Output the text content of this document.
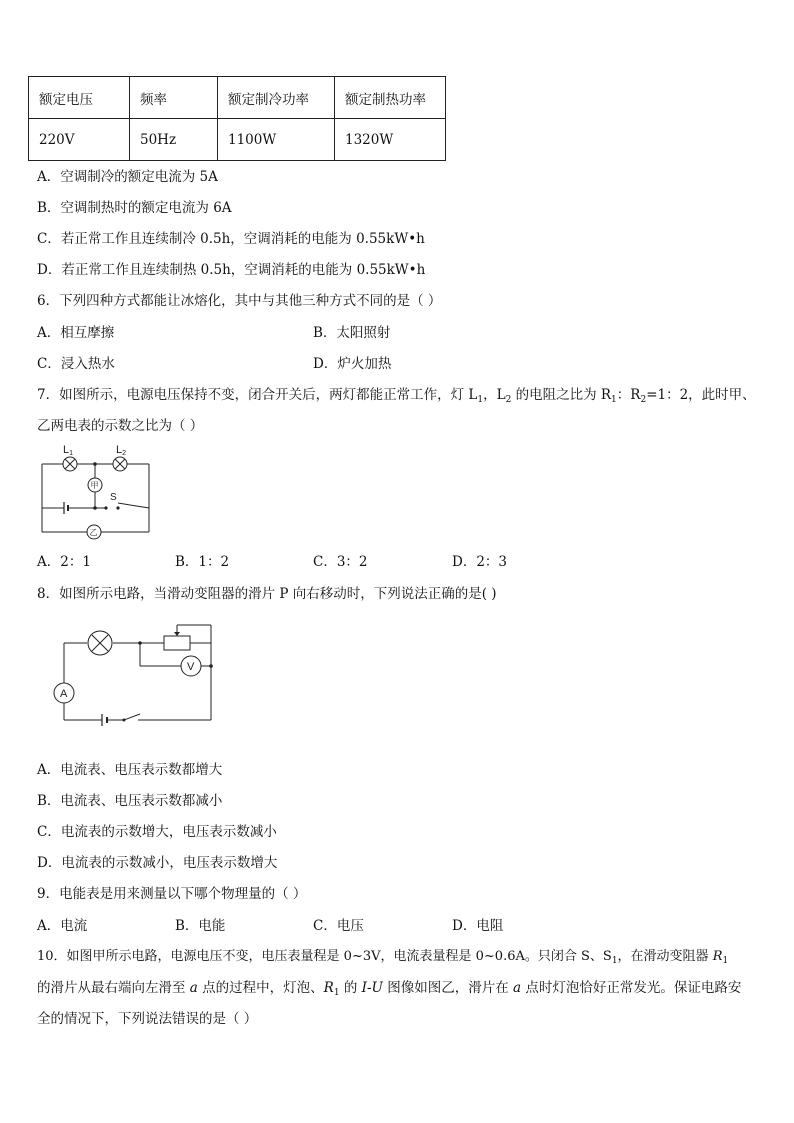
额定电压	频率	额定制冷功率	额定制热功率
220V	50Hz	1100W	1320W
A．空调制冷的额定电流为 5A
B．空调制热时的额定电流为 6A
C．若正常工作且连续制冷 0.5h，空调消耗的电能为 0.55kW•h
D．若正常工作且连续制热 0.5h，空调消耗的电能为 0.55kW•h
6．下列四种方式都能让冰熔化，其中与其他三种方式不同的是（ ）
A．相互摩擦	B．太阳照射
C．浸入热水	D．炉火加热
7．如图所示，电源电压保持不变，闭合开关后，两灯都能正常工作，灯 $L_1$，$L_2$ 的电阻之比为 $R_1$：$R_2=1$：2，此时甲、
乙两电表的示数之比为（ ）
S
L1	L2
甲
乙
A．2：1	B．1：2	C．3：2	D．2：3
8．如图所示电路，当滑动变阻器的滑片 P 向右移动时，下列说法正确的是( )
V
A
A．电流表、电压表示数都增大
B．电流表、电压表示数都减小
C．电流表的示数增大，电压表示数减小
D．电流表的示数减小，电压表示数增大
9．电能表是用来测量以下哪个物理量的（ ）
A．电流	B．电能	C．电压	D．电阻
10．如图甲所示电路，电源电压不变，电压表量程是 0~3V，电流表量程是 0~0.6A。只闭合 S、$S_1$，在滑动变阻器 $R_1$
的滑片从最右端向左滑至 a 点的过程中，灯泡、$R_1$ 的 I-U 图像如图乙，滑片在 a 点时灯泡恰好正常发光。保证电路安
全的情况下，下列说法错误的是（ ）
